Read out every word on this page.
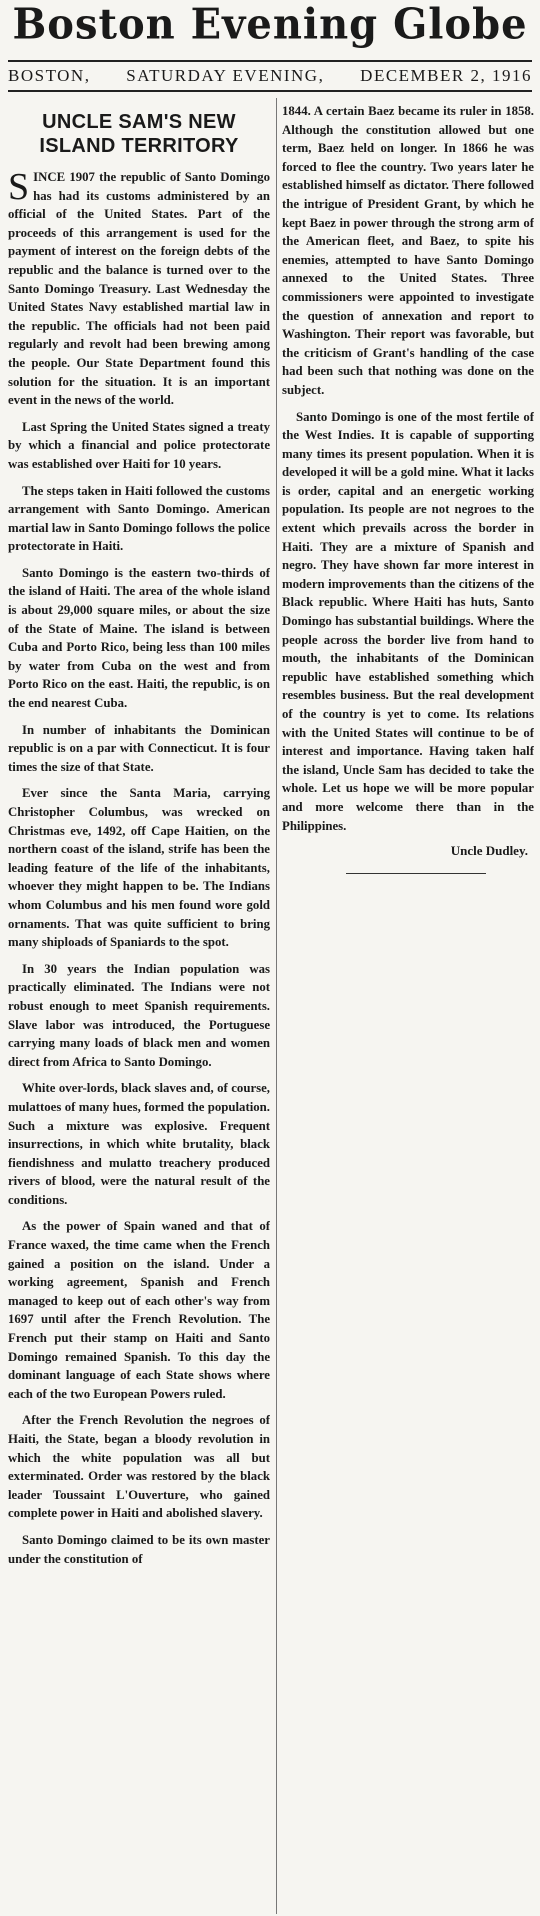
Boston Evening Globe
BOSTON, SATURDAY EVENING, DECEMBER 2, 1916
UNCLE SAM'S NEW
ISLAND TERRITORY

SINCE 1907 the republic of Santo Domingo has had its customs administered by an official of the United States. Part of the proceeds of this arrangement is used for the payment of interest on the foreign debts of the republic and the balance is turned over to the Santo Domingo Treasury. Last Wednesday the United States Navy established martial law in the republic. The officials had not been paid regularly and revolt had been brewing among the people. Our State Department found this solution for the situation. It is an important event in the news of the world.

Last Spring the United States signed a treaty by which a financial and police protectorate was established over Haiti for 10 years.

The steps taken in Haiti followed the customs arrangement with Santo Domingo. American martial law in Santo Domingo follows the police protectorate in Haiti.

Santo Domingo is the eastern two-thirds of the island of Haiti. The area of the whole island is about 29,000 square miles, or about the size of the State of Maine. The island is between Cuba and Porto Rico, being less than 100 miles by water from Cuba on the west and from Porto Rico on the east. Haiti, the republic, is on the end nearest Cuba.

In number of inhabitants the Dominican republic is on a par with Connecticut. It is four times the size of that State.

Ever since the Santa Maria, carrying Christopher Columbus, was wrecked on Christmas eve, 1492, off Cape Haitien, on the northern coast of the island, strife has been the leading feature of the life of the inhabitants, whoever they might happen to be. The Indians whom Columbus and his men found wore gold ornaments. That was quite sufficient to bring many shiploads of Spaniards to the spot.

In 30 years the Indian population was practically eliminated. The Indians were not robust enough to meet Spanish requirements. Slave labor was introduced, the Portuguese carrying many loads of black men and women direct from Africa to Santo Domingo.

White over-lords, black slaves and, of course, mulattoes of many hues, formed the population. Such a mixture was explosive. Frequent insurrections, in which white brutality, black fiendishness and mulatto treachery produced rivers of blood, were the natural result of the conditions.

As the power of Spain waned and that of France waxed, the time came when the French gained a position on the island. Under a working agreement, Spanish and French managed to keep out of each other's way from 1697 until after the French Revolution. The French put their stamp on Haiti and Santo Domingo remained Spanish. To this day the dominant language of each State shows where each of the two European Powers ruled.

After the French Revolution the negroes of Haiti, the State, began a bloody revolution in which the white population was all but exterminated. Order was restored by the black leader Toussaint L'Ouverture, who gained complete power in Haiti and abolished slavery.

Santo Domingo claimed to be its own master under the constitution of

1844. A certain Baez became its ruler in 1858. Although the constitution allowed but one term, Baez held on longer. In 1866 he was forced to flee the country. Two years later he established himself as dictator. There followed the intrigue of President Grant, by which he kept Baez in power through the strong arm of the American fleet, and Baez, to spite his enemies, attempted to have Santo Domingo annexed to the United States. Three commissioners were appointed to investigate the question of annexation and report to Washington. Their report was favorable, but the criticism of Grant's handling of the case had been such that nothing was done on the subject.

Santo Domingo is one of the most fertile of the West Indies. It is capable of supporting many times its present population. When it is developed it will be a gold mine. What it lacks is order, capital and an energetic working population. Its people are not negroes to the extent which prevails across the border in Haiti. They are a mixture of Spanish and negro. They have shown far more interest in modern improvements than the citizens of the Black republic. Where Haiti has huts, Santo Domingo has substantial buildings. Where the people across the border live from hand to mouth, the inhabitants of the Dominican republic have established something which resembles business. But the real development of the country is yet to come. Its relations with the United States will continue to be of interest and importance. Having taken half the island, Uncle Sam has decided to take the whole. Let us hope we will be more popular and more welcome there than in the Philippines.

Uncle Dudley.
